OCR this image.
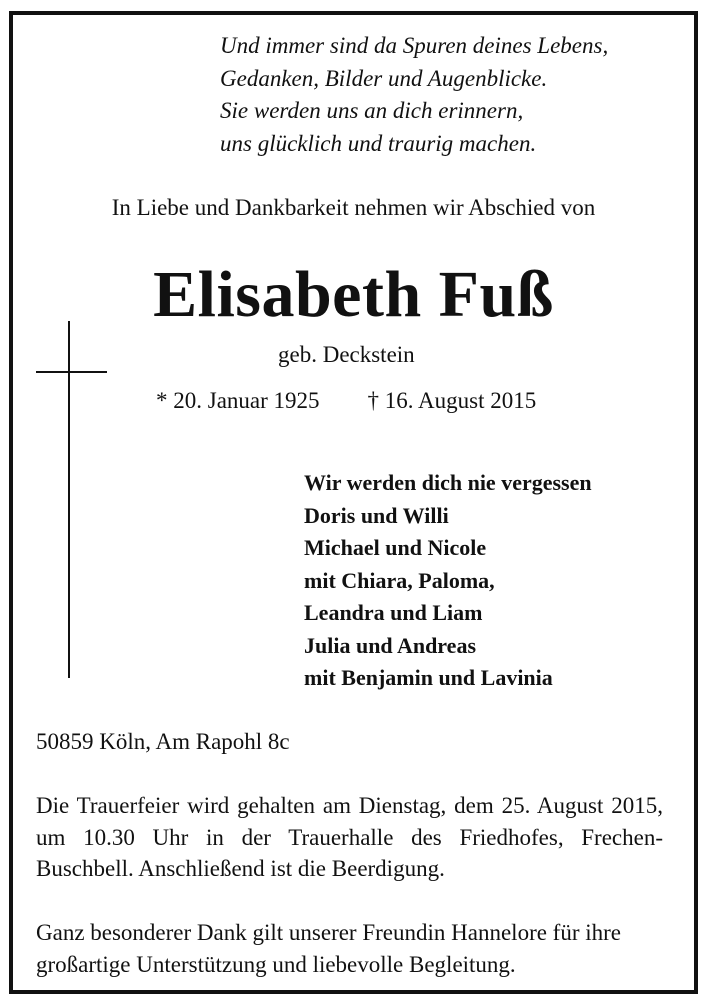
Und immer sind da Spuren deines Lebens,
Gedanken, Bilder und Augenblicke.
Sie werden uns an dich erinnern,
uns glücklich und traurig machen.
In Liebe und Dankbarkeit nehmen wir Abschied von
Elisabeth Fuß
geb. Deckstein
* 20. Januar 1925 † 16. August 2015
Wir werden dich nie vergessen
Doris und Willi
Michael und Nicole
mit Chiara, Paloma,
Leandra und Liam
Julia und Andreas
mit Benjamin und Lavinia
50859 Köln, Am Rapohl 8c
Die Trauerfeier wird gehalten am Dienstag, dem 25. August 2015,
um 10.30 Uhr in der Trauerhalle des Friedhofes, Frechen-
Buschbell. Anschließend ist die Beerdigung.
Ganz besonderer Dank gilt unserer Freundin Hannelore für ihre
großartige Unterstützung und liebevolle Begleitung.
